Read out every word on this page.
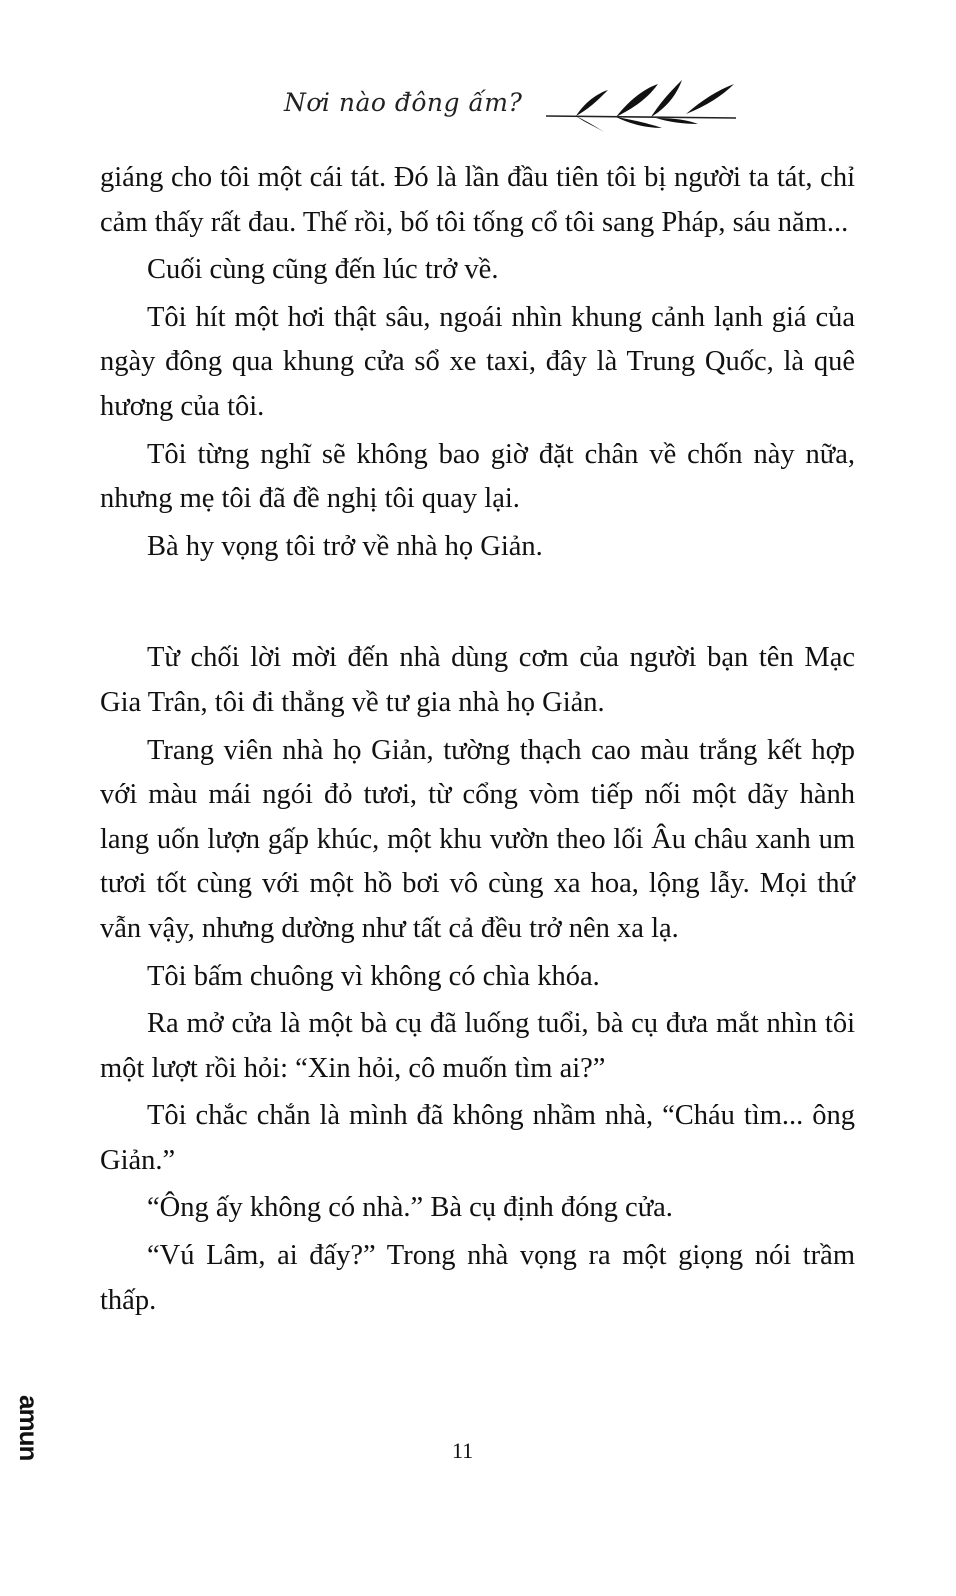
Nơi nào đông ấm?

giáng cho tôi một cái tát. Đó là lần đầu tiên tôi bị người ta tát, chỉ cảm thấy rất đau. Thế rồi, bố tôi tống cổ tôi sang Pháp, sáu năm...

Cuối cùng cũng đến lúc trở về.

Tôi hít một hơi thật sâu, ngoái nhìn khung cảnh lạnh giá của ngày đông qua khung cửa sổ xe taxi, đây là Trung Quốc, là quê hương của tôi.

Tôi từng nghĩ sẽ không bao giờ đặt chân về chốn này nữa, nhưng mẹ tôi đã đề nghị tôi quay lại.

Bà hy vọng tôi trở về nhà họ Giản.

Từ chối lời mời đến nhà dùng cơm của người bạn tên Mạc Gia Trân, tôi đi thẳng về tư gia nhà họ Giản.

Trang viên nhà họ Giản, tường thạch cao màu trắng kết hợp với màu mái ngói đỏ tươi, từ cổng vòm tiếp nối một dãy hành lang uốn lượn gấp khúc, một khu vườn theo lối Âu châu xanh um tươi tốt cùng với một hồ bơi vô cùng xa hoa, lộng lẫy. Mọi thứ vẫn vậy, nhưng dường như tất cả đều trở nên xa lạ.

Tôi bấm chuông vì không có chìa khóa.

Ra mở cửa là một bà cụ đã luống tuổi, bà cụ đưa mắt nhìn tôi một lượt rồi hỏi: “Xin hỏi, cô muốn tìm ai?”

Tôi chắc chắn là mình đã không nhầm nhà, “Cháu tìm... ông Giản.”

“Ông ấy không có nhà.” Bà cụ định đóng cửa.

“Vú Lâm, ai đấy?” Trong nhà vọng ra một giọng nói trầm thấp.

amun	11
